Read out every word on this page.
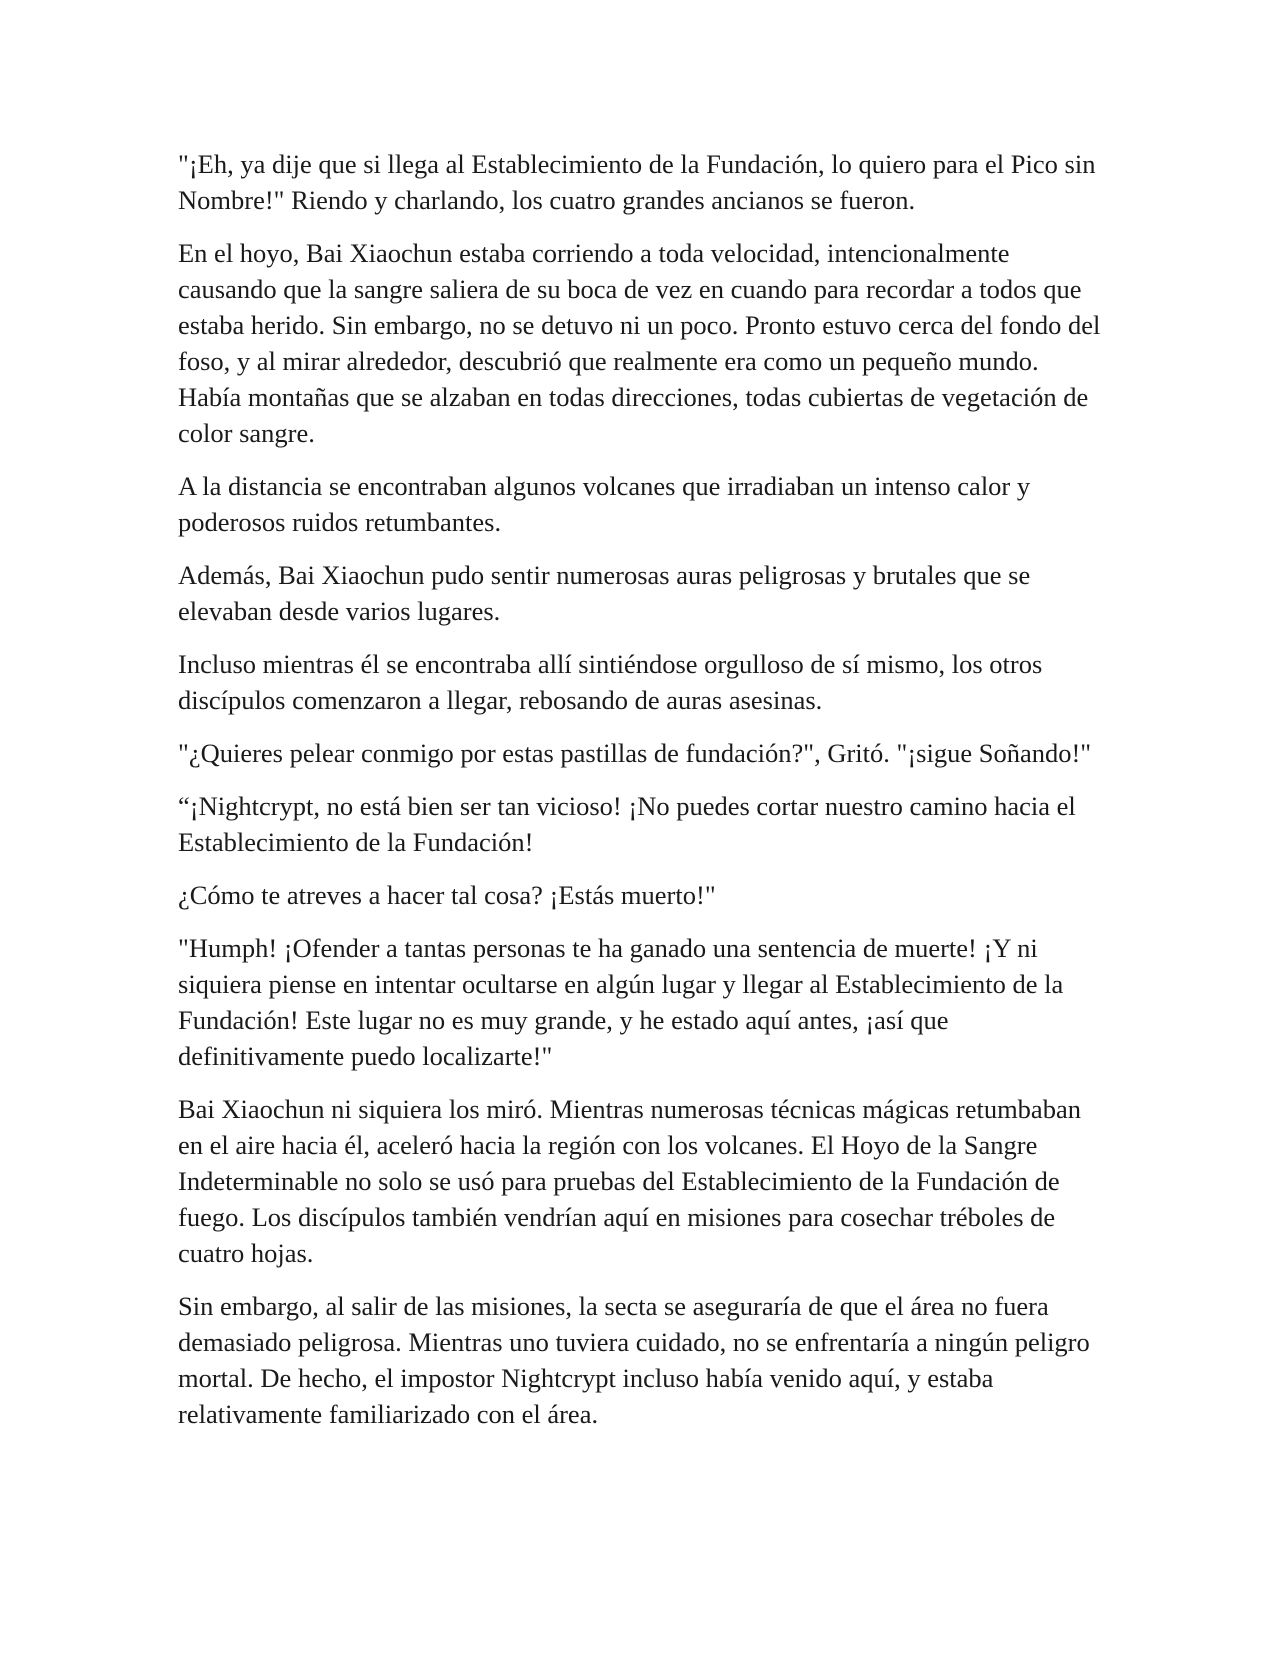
"¡Eh, ya dije que si llega al Establecimiento de la Fundación, lo quiero para el Pico sin Nombre!" Riendo y charlando, los cuatro grandes ancianos se fueron.

En el hoyo, Bai Xiaochun estaba corriendo a toda velocidad, intencionalmente causando que la sangre saliera de su boca de vez en cuando para recordar a todos que estaba herido. Sin embargo, no se detuvo ni un poco. Pronto estuvo cerca del fondo del foso, y al mirar alrededor, descubrió que realmente era como un pequeño mundo. Había montañas que se alzaban en todas direcciones, todas cubiertas de vegetación de color sangre.

A la distancia se encontraban algunos volcanes que irradiaban un intenso calor y poderosos ruidos retumbantes.

Además, Bai Xiaochun pudo sentir numerosas auras peligrosas y brutales que se elevaban desde varios lugares.

Incluso mientras él se encontraba allí sintiéndose orgulloso de sí mismo, los otros discípulos comenzaron a llegar, rebosando de auras asesinas.

"¿Quieres pelear conmigo por estas pastillas de fundación?", Gritó. "¡sigue Soñando!"

“¡Nightcrypt, no está bien ser tan vicioso! ¡No puedes cortar nuestro camino hacia el Establecimiento de la Fundación!

¿Cómo te atreves a hacer tal cosa? ¡Estás muerto!"

"Humph! ¡Ofender a tantas personas te ha ganado una sentencia de muerte! ¡Y ni siquiera piense en intentar ocultarse en algún lugar y llegar al Establecimiento de la Fundación! Este lugar no es muy grande, y he estado aquí antes, ¡así que definitivamente puedo localizarte!"

Bai Xiaochun ni siquiera los miró. Mientras numerosas técnicas mágicas retumbaban en el aire hacia él, aceleró hacia la región con los volcanes. El Hoyo de la Sangre Indeterminable no solo se usó para pruebas del Establecimiento de la Fundación de fuego. Los discípulos también vendrían aquí en misiones para cosechar tréboles de cuatro hojas.

Sin embargo, al salir de las misiones, la secta se aseguraría de que el área no fuera demasiado peligrosa. Mientras uno tuviera cuidado, no se enfrentaría a ningún peligro mortal. De hecho, el impostor Nightcrypt incluso había venido aquí, y estaba relativamente familiarizado con el área.
